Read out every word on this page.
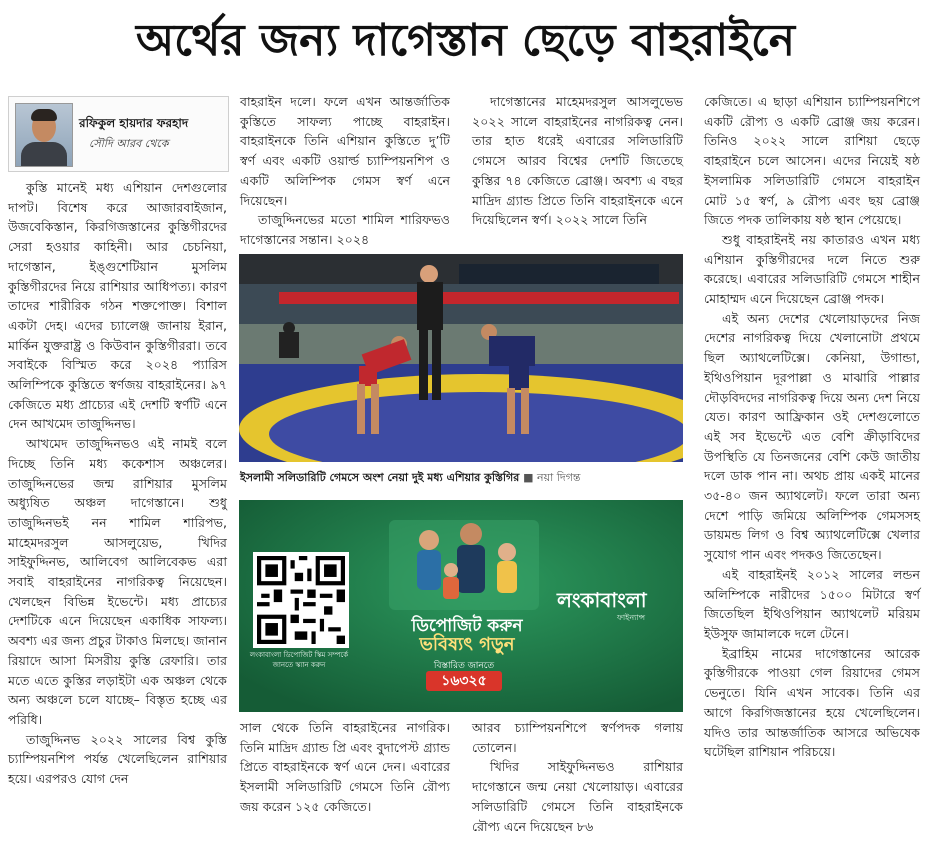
অর্থের জন্য দাগেস্তান ছেড়ে বাহরাইনে
রফিকুল হায়দার ফরহাদ
সৌদি আরব থেকে

কুস্তি মানেই মধ্য এশিয়ান দেশগুলোর দাপট। বিশেষ করে আজারবাইজান, উজবেকিস্তান, কিরগিজস্তানের কুস্তিগীরদের সেরা হওয়ার কাহিনী। আর চেচনিয়া, দাগেস্তান, ইঙ্গুশেটিয়ান মুসলিম কুস্তিগীরদের নিয়ে রাশিয়ার আধিপত্য। কারণ তাদের শারীরিক গঠন শক্তপোক্ত। বিশাল একটা দেহ। এদের চ্যালেঞ্জ জানায় ইরান, মার্কিন যুক্তরাষ্ট্র ও কিউবান কুস্তিগীররা। তবে সবাইকে বিস্মিত করে ২০২৪ প্যারিস অলিম্পিকে কুস্তিতে স্বর্ণজয় বাহরাইনের। ৯৭ কেজিতে মধ্য প্রাচ্যের এই দেশটি স্বর্ণটি এনে দেন আখমেদ তাজুদ্দিনভ।

আখমেদ তাজুদ্দিনভও এই নামই বলে দিচ্ছে তিনি মধ্য ককেশাস অঞ্চলের। তাজুদ্দিনভের জন্ম রাশিয়ার মুসলিম অধ্যুষিত অঞ্চল দাগেস্তানে। শুধু তাজুদ্দিনভই নন শামিল শারিপভ, মাহেমদরসুল আসলুয়েভ, খিদির সাইফুদ্দিনভ, আলিবেগ আলিবেকভ এরা সবাই বাহরাইনের নাগরিকত্ব নিয়েছেন। খেলছেন বিভিন্ন ইভেন্টে। মধ্য প্রাচ্যের দেশটিকে এনে দিয়েছেন একাধিক সাফল্য। অবশ্য এর জন্য প্রচুর টাকাও মিলছে। জানান রিয়াদে আসা মিসরীয় কুস্তি রেফারি। তার মতে এতে কুস্তির লড়াইটা এক অঞ্চল থেকে অন্য অঞ্চলে চলে যাচ্ছে– বিস্তৃত হচ্ছে এর পরিধি।

তাজুদ্দিনভ ২০২২ সালের বিশ্ব কুস্তি চ্যাম্পিয়নশিপ পর্যন্ত খেলেছিলেন রাশিয়ার হয়ে। এরপরও যোগ দেন

বাহরাইন দলে। ফলে এখন আন্তর্জাতিক কুস্তিতে সাফল্য পাচ্ছে বাহরাইন। বাহরাইনকে তিনি এশিয়ান কুস্তিতে দু’টি স্বর্ণ এবং একটি ওয়ার্ল্ড চ্যাম্পিয়নশিপ ও একটি অলিম্পিক গেমস স্বর্ণ এনে দিয়েছেন।

তাজুদ্দিনভের মতো শামিল শারিফভও দাগেস্তানের সন্তান। ২০২৪

দাগেস্তানের মাহেমদরসুল আসলুভেভ ২০২২ সালে বাহরাইনের নাগরিকত্ব নেন। তার হাত ধরেই এবারের সলিডারিটি গেমসে আরব বিশ্বের দেশটি জিতেছে কুস্তির ৭৪ কেজিতে ব্রোঞ্জ। অবশ্য এ বছর মাদ্রিদ গ্র্যান্ড প্রিতে তিনি বাহরাইনকে এনে দিয়েছিলেন স্বর্ণ। ২০২২ সালে তিনি

ইসলামী সলিডারিটি গেমসে অংশ নেয়া দুই মধ্য এশিয়ার কুস্তিগির ■ নয়া দিগন্ত
লংকাবাংলা ডিপোজিট স্কিম সম্পর্কে জানতে স্ক্যান করুন
ডিপোজিট করুন
ভবিষ্যৎ গড়ুন
বিস্তারিত জানতে
১৬৩২৫
লংকাবাংলা
ফাইন্যান্স

সাল থেকে তিনি বাহরাইনের নাগরিক। তিনি মাদ্রিদ গ্র্যান্ড প্রি এবং বুদাপেস্ট গ্র্যান্ড প্রিতে বাহরাইনকে স্বর্ণ এনে দেন। এবারের ইসলামী সলিডারিটি গেমসে তিনি রৌপ্য জয় করেন ১২৫ কেজিতে।

আরব চ্যাম্পিয়নশিপে স্বর্ণপদক গলায় তোলেন।

খিদির সাইফুদ্দিনভও রাশিয়ার দাগেস্তানে জন্ম নেয়া খেলোয়াড়। এবারের সলিডারিটি গেমসে তিনি বাহরাইনকে রৌপ্য এনে দিয়েছেন ৮৬

কেজিতে। এ ছাড়া এশিয়ান চ্যাম্পিয়নশিপে একটি রৌপ্য ও একটি ব্রোঞ্জ জয় করেন। তিনিও ২০২২ সালে রাশিয়া ছেড়ে বাহরাইনে চলে আসেন। এদের নিয়েই ষষ্ঠ ইসলামিক সলিডারিটি গেমসে বাহরাইন মোট ১৫ স্বর্ণ, ৯ রৌপ্য এবং ছয় ব্রোঞ্জ জিতে পদক তালিকায় ষষ্ঠ স্থান পেয়েছে।

শুধু বাহরাইনই নয় কাতারও এখন মধ্য এশিয়ান কুস্তিগীরদের দলে নিতে শুরু করেছে। এবারের সলিডারিটি গেমসে শাহীন মোহাম্মদ এনে দিয়েছেন ব্রোঞ্জ পদক।

এই অন্য দেশের খেলোয়াড়দের নিজ দেশের নাগরিকত্ব দিয়ে খেলানোটা প্রথমে ছিল অ্যাথলেটিক্সে। কেনিয়া, উগান্ডা, ইথিওপিয়ান দূরপাল্লা ও মাঝারি পাল্লার দৌড়বিদদের নাগরিকত্ব দিয়ে অন্য দেশ নিয়ে যেত। কারণ আফ্রিকান ওই দেশগুলোতে এই সব ইভেন্টে এত বেশি ক্রীড়াবিদের উপস্থিতি যে তিনজনের বেশি কেউ জাতীয় দলে ডাক পান না। অথচ প্রায় একই মানের ৩৫-৪০ জন অ্যাথলেট। ফলে তারা অন্য দেশে পাড়ি জমিয়ে অলিম্পিক গেমসসহ ডায়মন্ড লিগ ও বিশ্ব অ্যাথলেটিক্সে খেলার সুযোগ পান এবং পদকও জিতেছেন।

এই বাহরাইনই ২০১২ সালের লন্ডন অলিম্পিকে নারীদের ১৫০০ মিটারে স্বর্ণ জিতেছিল ইথিওপিয়ান অ্যাথলেট মরিয়ম ইউসুফ জামালকে দলে টেনে।

ইব্রাহিম নামের দাগেস্তানের আরেক কুস্তিগীরকে পাওয়া গেল রিয়াদের গেমস ভেনুতে। যিনি এখন সাবেক। তিনি এর আগে কিরগিজস্তানের হয়ে খেলেছিলেন। যদিও তার আন্তর্জাতিক আসরে অভিষেক ঘটেছিল রাশিয়ান পরিচয়ে।
